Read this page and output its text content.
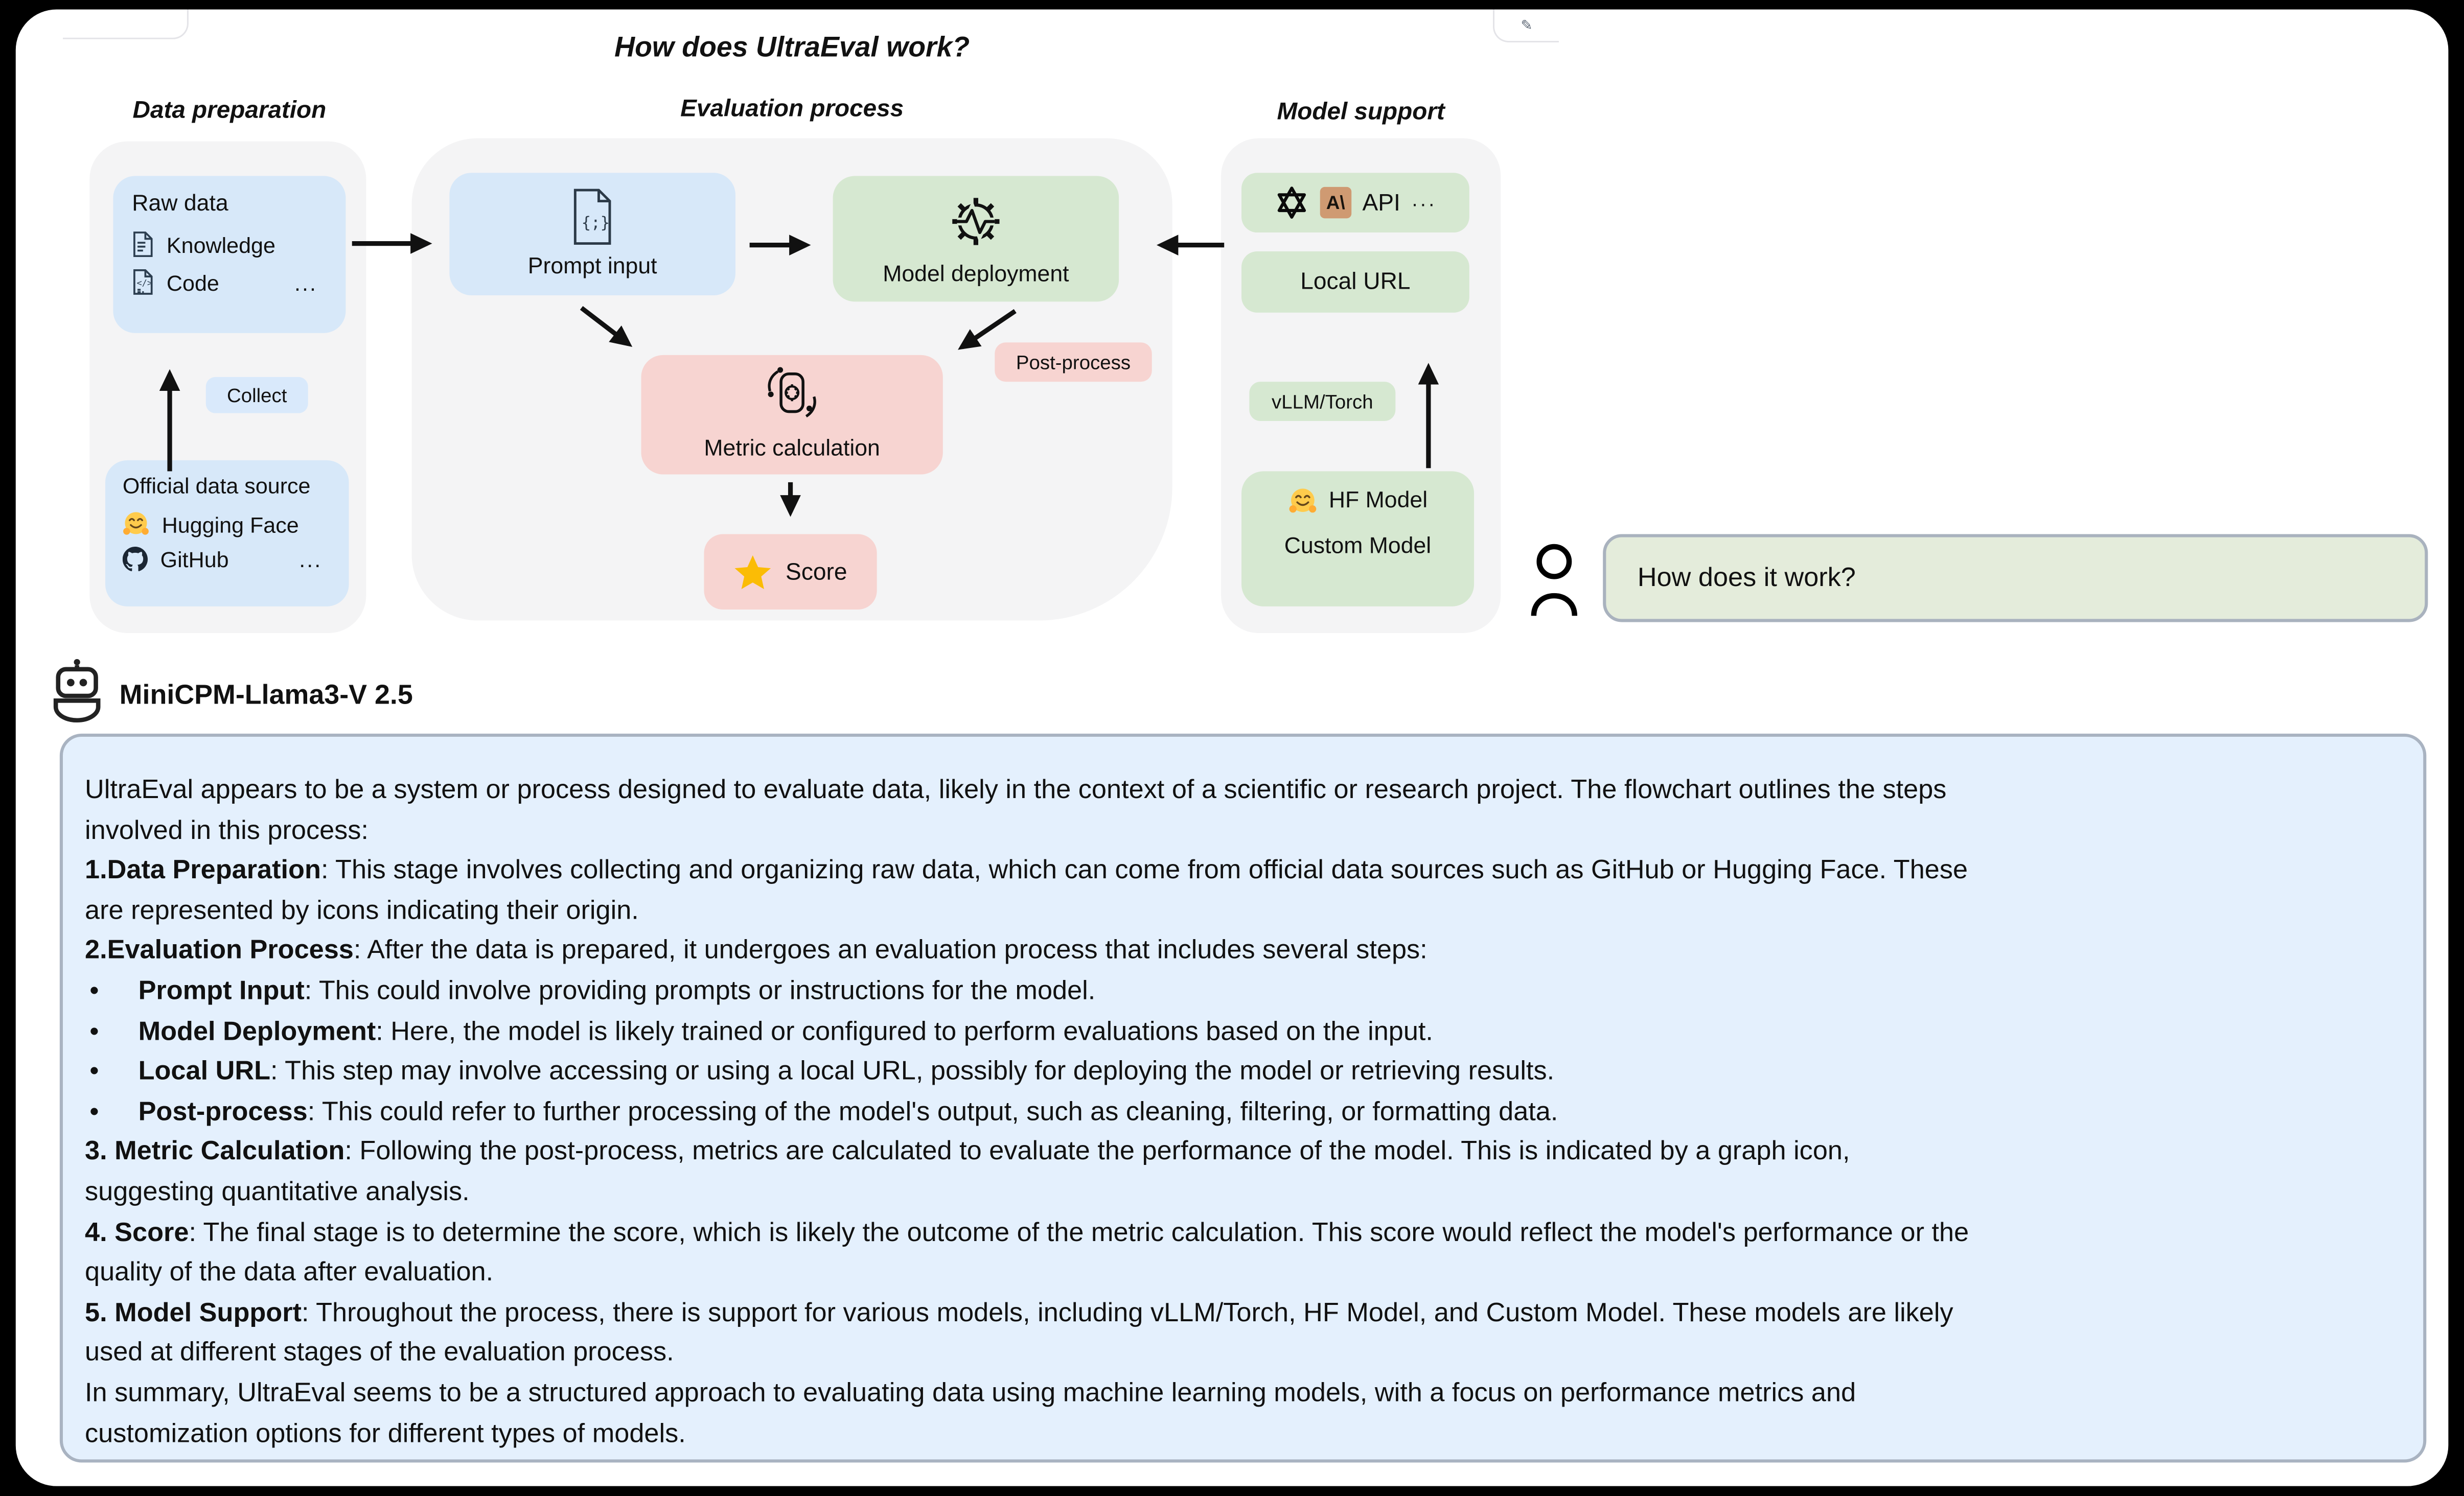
✎
How does UltraEval work?
Data preparation	Evaluation process	Model support
Raw data
Knowledge
</> Code	...
Collect
Official data source
Hugging Face
GitHub	...
{;}
Prompt input	Model deployment
Metric calculation
Post-process
Score
A\	API ···
Local URL
vLLM/Torch
HF Model
Custom Model
How does it work?
MiniCPM-Llama3-V 2.5
UltraEval appears to be a system or process designed to evaluate data, likely in the context of a scientific or research project. The flowchart outlines the steps
involved in this process:
1.Data Preparation: This stage involves collecting and organizing raw data, which can come from official data sources such as GitHub or Hugging Face. These
are represented by icons indicating their origin.
2.Evaluation Process: After the data is prepared, it undergoes an evaluation process that includes several steps:
•	Prompt Input: This could involve providing prompts or instructions for the model.
•	Model Deployment: Here, the model is likely trained or configured to perform evaluations based on the input.
•	Local URL: This step may involve accessing or using a local URL, possibly for deploying the model or retrieving results.
•	Post-process: This could refer to further processing of the model's output, such as cleaning, filtering, or formatting data.
3. Metric Calculation: Following the post-process, metrics are calculated to evaluate the performance of the model. This is indicated by a graph icon,
suggesting quantitative analysis.
4. Score: The final stage is to determine the score, which is likely the outcome of the metric calculation. This score would reflect the model's performance or the
quality of the data after evaluation.
5. Model Support: Throughout the process, there is support for various models, including vLLM/Torch, HF Model, and Custom Model. These models are likely
used at different stages of the evaluation process.
In summary, UltraEval seems to be a structured approach to evaluating data using machine learning models, with a focus on performance metrics and
customization options for different types of models.
